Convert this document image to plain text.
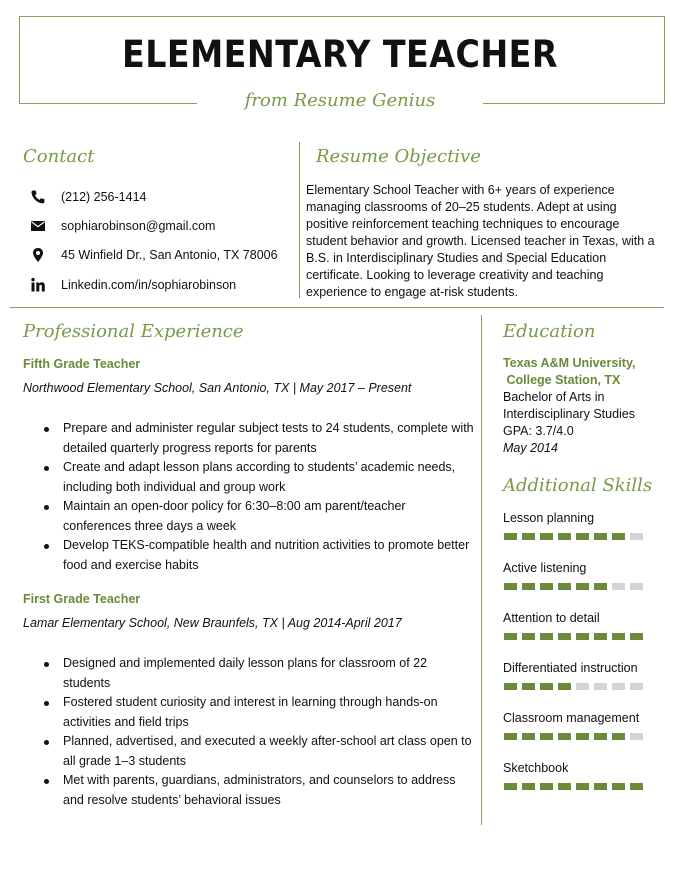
ELEMENTARY TEACHER
from Resume Genius
Contact
(212) 256-1414
sophiarobinson@gmail.com
45 Winfield Dr., San Antonio, TX 78006
Linkedin.com/in/sophiarobinson
Resume Objective
Elementary School Teacher with 6+ years of experience managing classrooms of 20–25 students. Adept at using positive reinforcement teaching techniques to encourage student behavior and growth. Licensed teacher in Texas, with a B.S. in Interdisciplinary Studies and Special Education certificate. Looking to leverage creativity and teaching experience to engage at-risk students.
Professional Experience
Fifth Grade Teacher
Northwood Elementary School, San Antonio, TX | May 2017 – Present
Prepare and administer regular subject tests to 24 students, complete with detailed quarterly progress reports for parents
Create and adapt lesson plans according to students’ academic needs, including both individual and group work
Maintain an open-door policy for 6:30–8:00 am parent/teacher conferences three days a week
Develop TEKS-compatible health and nutrition activities to promote better food and exercise habits
First Grade Teacher
Lamar Elementary School, New Braunfels, TX | Aug 2014-April 2017
Designed and implemented daily lesson plans for classroom of 22 students
Fostered student curiosity and interest in learning through hands-on activities and field trips
Planned, advertised, and executed a weekly after-school art class open to all grade 1–3 students
Met with parents, guardians, administrators, and counselors to address and resolve students’ behavioral issues
Education
Texas A&M University,
College Station, TX
Bachelor of Arts in
Interdisciplinary Studies
GPA: 3.7/4.0
May 2014
Additional Skills
Lesson planning
Active listening
Attention to detail
Differentiated instruction
Classroom management
Sketchbook
